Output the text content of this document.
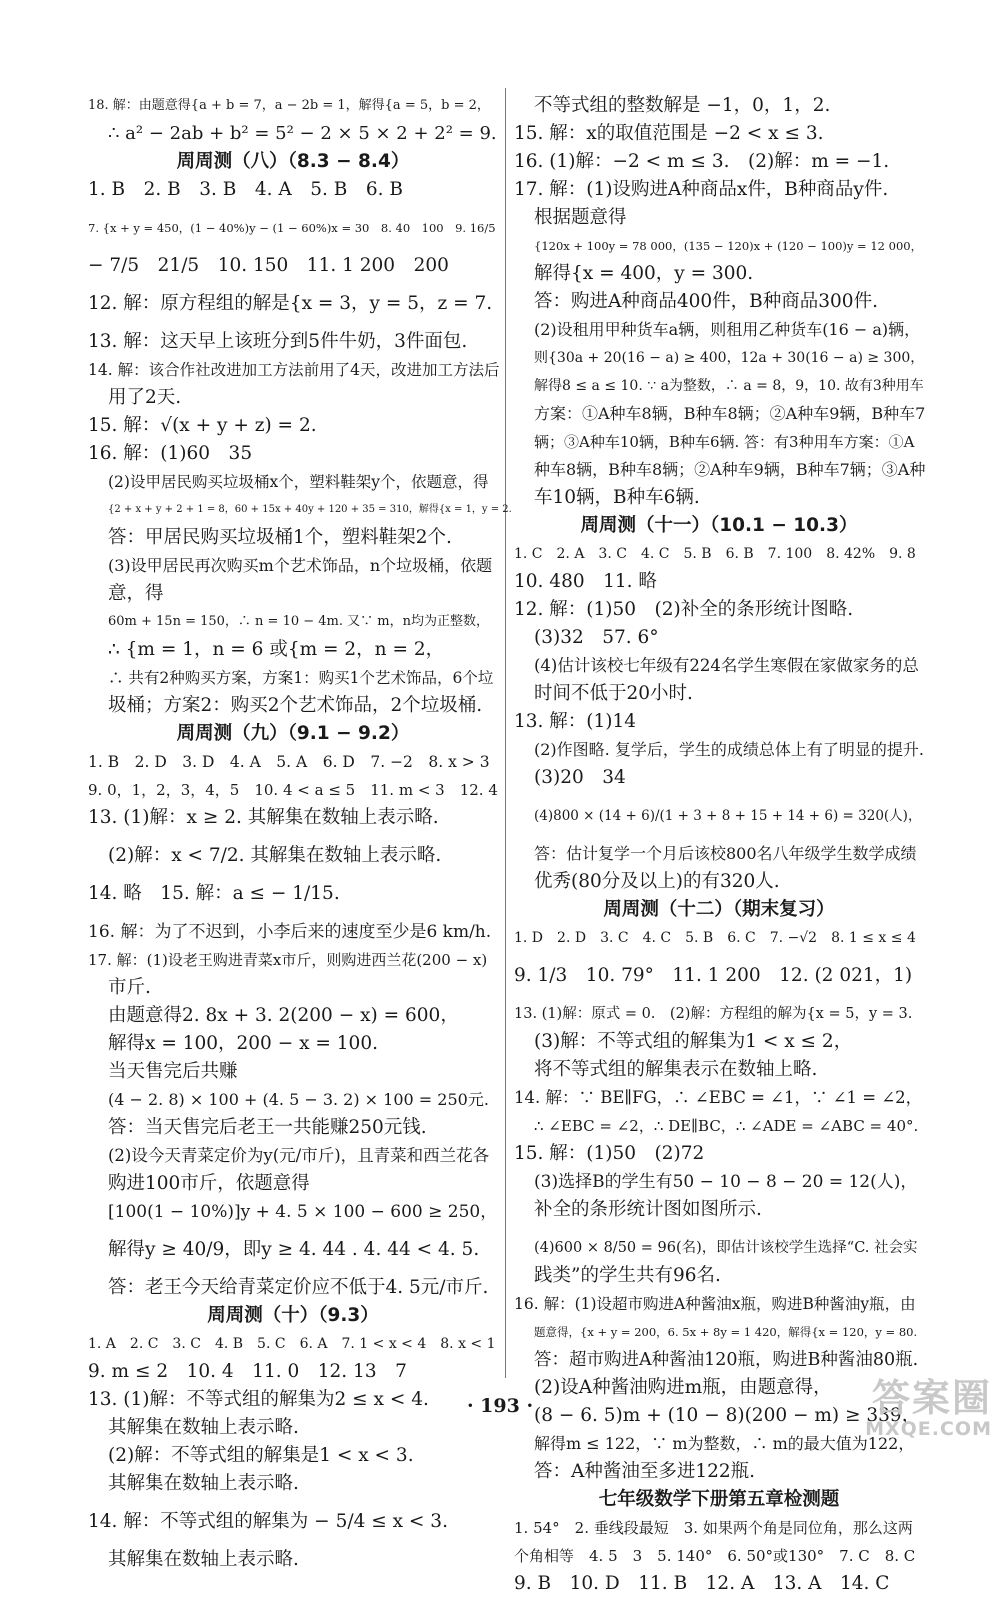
18. 解：由题意得{a + b = 7，a − 2b = 1，解得{a = 5，b = 2，
∴ a² − 2ab + b² = 5² − 2 × 5 × 2 + 2² = 9.
周周测（八）（8.3 − 8.4）
1. B　2. B　3. B　4. A　5. B　6. B
7. {x + y = 450，(1 − 40%)y − (1 − 60%)x = 30　8. 40　100　9. 16/5
− 7/5　21/5　10. 150　11. 1 200　200
12. 解：原方程组的解是{x = 3，y = 5，z = 7.
13. 解：这天早上该班分到5件牛奶，3件面包.
14. 解：该合作社改进加工方法前用了4天，改进加工方法后
用了2天.
15. 解：√(x + y + z) = 2.
16. 解：(1)60　35
(2)设甲居民购买垃圾桶x个，塑料鞋架y个，依题意，得
{2 + x + y + 2 + 1 = 8，60 + 15x + 40y + 120 + 35 = 310，解得{x = 1，y = 2.
答：甲居民购买垃圾桶1个，塑料鞋架2个.
(3)设甲居民再次购买m个艺术饰品，n个垃圾桶，依题
意，得
60m + 15n = 150，∴ n = 10 − 4m. 又∵ m，n均为正整数，
∴ {m = 1，n = 6 或{m = 2，n = 2，
∴ 共有2种购买方案，方案1：购买1个艺术饰品，6个垃
圾桶；方案2：购买2个艺术饰品，2个垃圾桶.
周周测（九）（9.1 − 9.2）
1. B　2. D　3. D　4. A　5. A　6. D　7. −2　8. x > 3
9. 0，1，2，3，4，5　10. 4 < a ≤ 5　11. m < 3　12. 4
13. (1)解：x ≥ 2. 其解集在数轴上表示略.
(2)解：x < 7/2. 其解集在数轴上表示略.
14. 略　15. 解：a ≤ − 1/15.
16. 解：为了不迟到，小李后来的速度至少是6 km/h.
17. 解：(1)设老王购进青菜x市斤，则购进西兰花(200 − x)
市斤.
由题意得2. 8x + 3. 2(200 − x) = 600，
解得x = 100，200 − x = 100.
当天售完后共赚
(4 − 2. 8) × 100 + (4. 5 − 3. 2) × 100 = 250元.
答：当天售完后老王一共能赚250元钱.
(2)设今天青菜定价为y(元/市斤)，且青菜和西兰花各
购进100市斤，依题意得
[100(1 − 10%)]y + 4. 5 × 100 − 600 ≥ 250，
解得y ≥ 40/9，即y ≥ 4. 4̇4̇ . 4. 4̇4̇ < 4. 5.
答：老王今天给青菜定价应不低于4. 5元/市斤.
周周测（十）（9.3）
1. A　2. C　3. C　4. B　5. C　6. A　7. 1 < x < 4　8. x < 1
9. m ≤ 2　10. 4　11. 0　12. 13　7
13. (1)解：不等式组的解集为2 ≤ x < 4.
其解集在数轴上表示略.
(2)解：不等式组的解集是1 < x < 3.
其解集在数轴上表示略.
14. 解：不等式组的解集为 − 5/4 ≤ x < 3.
其解集在数轴上表示略.
不等式组的整数解是 −1，0，1，2.
15. 解：x的取值范围是 −2 < x ≤ 3.
16. (1)解：−2 < m ≤ 3.　(2)解：m = −1.
17. 解：(1)设购进A种商品x件，B种商品y件.
根据题意得
{120x + 100y = 78 000，(135 − 120)x + (120 − 100)y = 12 000，
解得{x = 400，y = 300.
答：购进A种商品400件，B种商品300件.
(2)设租用甲种货车a辆，则租用乙种货车(16 − a)辆，
则{30a + 20(16 − a) ≥ 400，12a + 30(16 − a) ≥ 300，
解得8 ≤ a ≤ 10. ∵ a为整数，∴ a = 8，9，10. 故有3种用车
方案：①A种车8辆，B种车8辆；②A种车9辆，B种车7
辆；③A种车10辆，B种车6辆. 答：有3种用车方案：①A
种车8辆，B种车8辆；②A种车9辆，B种车7辆；③A种
车10辆，B种车6辆.
周周测（十一）（10.1 − 10.3）
1. C　2. A　3. C　4. C　5. B　6. B　7. 100　8. 42%　9. 8
10. 480　11. 略
12. 解：(1)50　(2)补全的条形统计图略.
(3)32　57. 6°
(4)估计该校七年级有224名学生寒假在家做家务的总
时间不低于20小时.
13. 解：(1)14
(2)作图略. 复学后，学生的成绩总体上有了明显的提升.
(3)20　34
(4)800 × (14 + 6)/(1 + 3 + 8 + 15 + 14 + 6) = 320(人)，
答：估计复学一个月后该校800名八年级学生数学成绩
优秀(80分及以上)的有320人.
周周测（十二）（期末复习）
1. D　2. D　3. C　4. C　5. B　6. C　7. −√2　8. 1 ≤ x ≤ 4
9. 1/3　10. 79°　11. 1 200　12. (2 021，1)
13. (1)解：原式 = 0.　(2)解：方程组的解为{x = 5，y = 3.
(3)解：不等式组的解集为1 < x ≤ 2，
将不等式组的解集表示在数轴上略.
14. 解：∵ BE∥FG，∴ ∠EBC = ∠1，∵ ∠1 = ∠2，
∴ ∠EBC = ∠2，∴ DE∥BC，∴ ∠ADE = ∠ABC = 40°.
15. 解：(1)50　(2)72
(3)选择B的学生有50 − 10 − 8 − 20 = 12(人)，
补全的条形统计图如图所示.
(4)600 × 8/50 = 96(名)，即估计该校学生选择“C. 社会实
践类”的学生共有96名.
16. 解：(1)设超市购进A种酱油x瓶，购进B种酱油y瓶，由
题意得，{x + y = 200，6. 5x + 8y = 1 420，解得{x = 120，y = 80.
答：超市购进A种酱油120瓶，购进B种酱油80瓶.
(2)设A种酱油购进m瓶，由题意得，
(8 − 6. 5)m + (10 − 8)(200 − m) ≥ 339，
解得m ≤ 122，∵ m为整数，∴ m的最大值为122，
答：A种酱油至多进122瓶.
七年级数学下册第五章检测题
1. 54°　2. 垂线段最短　3. 如果两个角是同位角，那么这两
个角相等　4. 5　3　5. 140°　6. 50°或130°　7. C　8. C
9. B　10. D　11. B　12. A　13. A　14. C
· 193 ·	答案圈
MXQE.COM
